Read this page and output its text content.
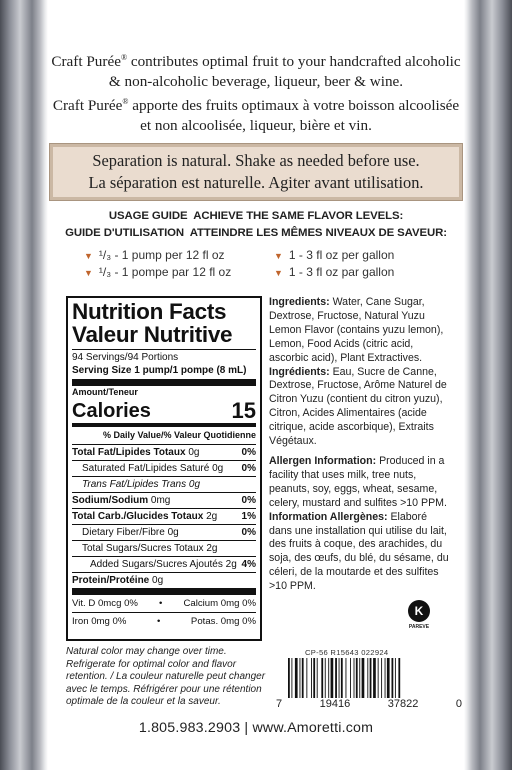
Craft Purée® contributes optimal fruit to your handcrafted alcoholic & non-alcoholic beverage, liqueur, beer & wine.

Craft Purée® apporte des fruits optimaux à votre boisson alcoolisée et non alcoolisée, liqueur, bière et vin.

Separation is natural. Shake as needed before use.
La séparation est naturelle. Agiter avant utilisation.
USAGE GUIDE ACHIEVE THE SAME FLAVOR LEVELS:
GUIDE D'UTILISATION ATTEINDRE LES MÊMES NIVEAUX DE SAVEUR:
▼ ¹/₃ - 1 pump per 12 fl oz	▼ 1 - 3 fl oz per gallon
▼ ¹/₃ - 1 pompe par 12 fl oz	▼ 1 - 3 fl oz par gallon
Nutrition Facts
Valeur Nutritive
94 Servings/94 Portions
Serving Size 1 pump/1 pompe (8 mL)
Amount/Teneur
Calories	15
% Daily Value/% Valeur Quotidienne
Total Fat/Lipides Totaux 0g	0%
Saturated Fat/Lipides Saturé 0g 0%
Trans Fat/Lipides Trans 0g
Sodium/Sodium 0mg	0%
Total Carb./Glucides Totaux 2g 1%
Dietary Fiber/Fibre 0g	0%
Total Sugars/Sucres Totaux 2g
Added Sugars/Sucres Ajoutés 2g 4%
Protein/Protéine 0g
Vit. D 0mcg 0% • Calcium 0mg 0%
Iron 0mg 0%	•	Potas. 0mg 0%

Ingredients: Water, Cane Sugar, Dextrose, Fructose, Natural Yuzu Lemon Flavor (contains yuzu lemon), Lemon, Food Acids (citric acid, ascorbic acid), Plant Extractives.

Ingrédients: Eau, Sucre de Canne, Dextrose, Fructose, Arôme Naturel de Citron Yuzu (contient du citron yuzu), Citron, Acides Alimentaires (acide citrique, acide ascorbique), Extraits Végétaux.

Allergen Information: Produced in a facility that uses milk, tree nuts, peanuts, soy, eggs, wheat, sesame, celery, mustard and sulfites >10 PPM.

Information Allergènes: Elaboré dans une installation qui utilise du lait, des fruits à coque, des arachides, du soja, des œufs, du blé, du sésame, du céleri, de la moutarde et des sulfites >10 PPM.

K
PAREVE
CP-56 R15643 022924
7	19416	37822	0
Natural color may change over time. Refrigerate for optimal color and flavor retention. / La couleur naturelle peut changer avec le temps. Réfrigérer pour une rétention optimale de la couleur et la saveur.
1.805.983.2903 | www.Amoretti.com
